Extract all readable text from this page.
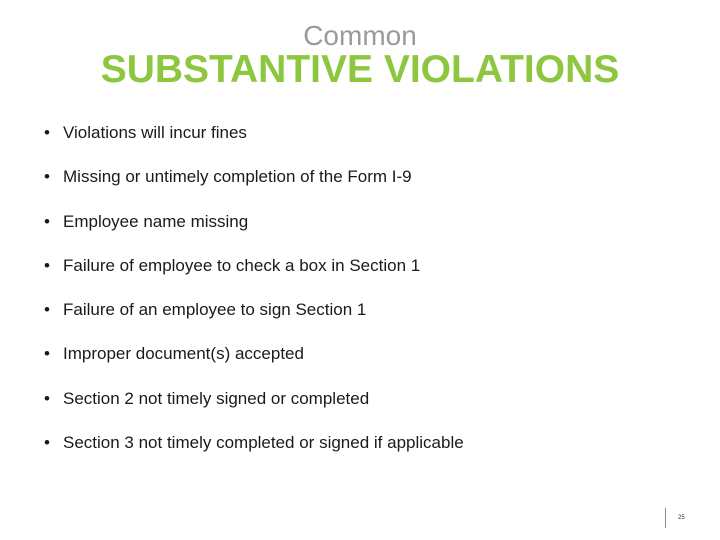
Common
SUBSTANTIVE VIOLATIONS
• Violations will incur fines
• Missing or untimely completion of the Form I-9
• Employee name missing
• Failure of employee to check a box in Section 1
• Failure of an employee to sign Section 1
• Improper document(s) accepted
• Section 2 not timely signed or completed
• Section 3 not timely completed or signed if applicable
25
